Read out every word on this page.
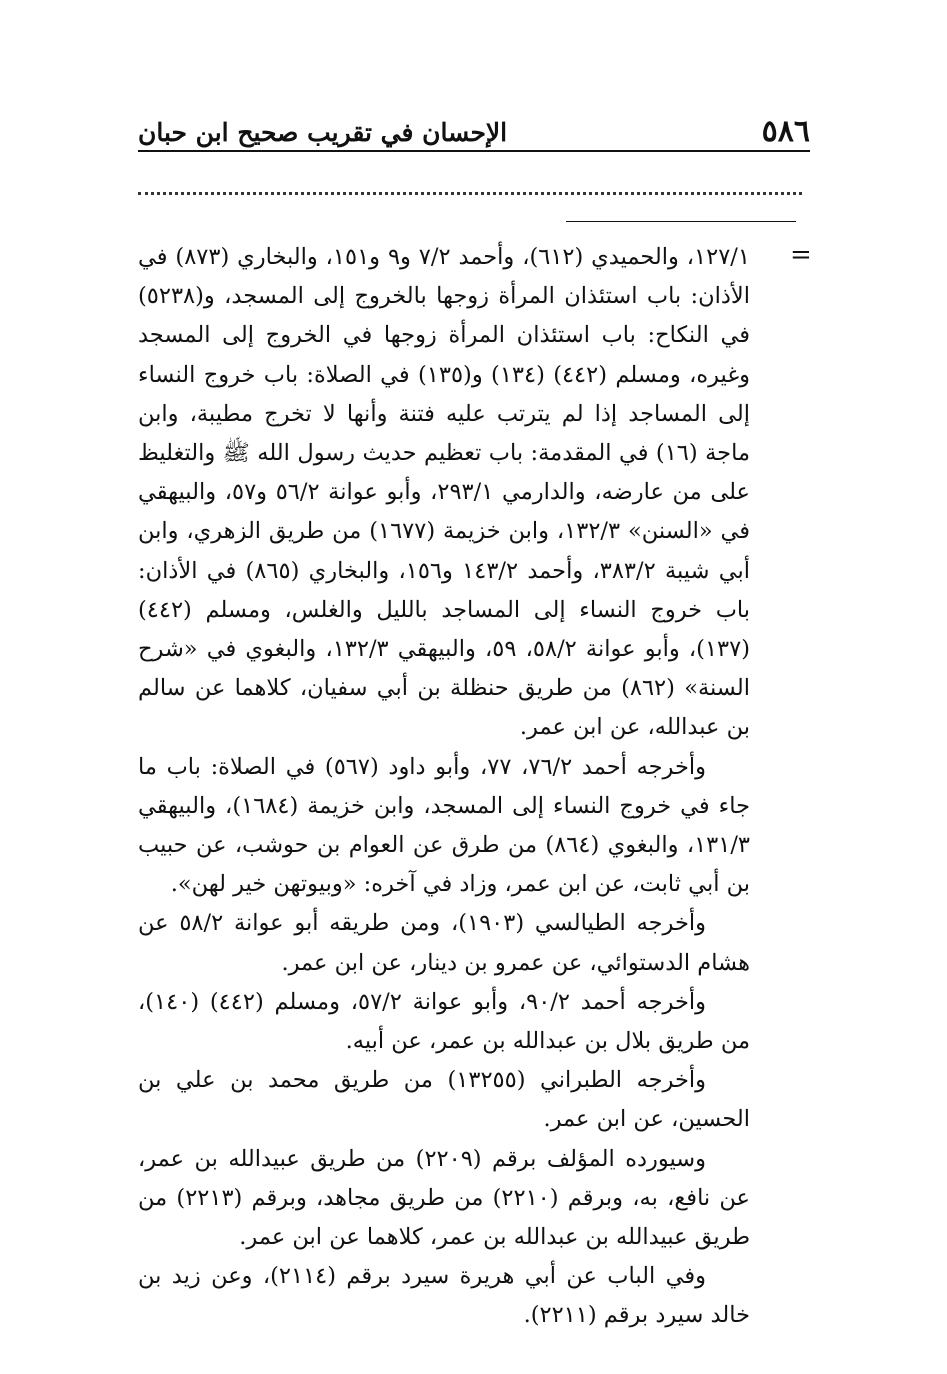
٥٨٦
الإحسان في تقريب صحيح ابن حبان
=

١٢٧/١، والحميدي (٦١٢)، وأحمد ٧/٢ و٩ و١٥١، والبخاري (٨٧٣) في الأذان: باب استئذان المرأة زوجها بالخروج إلى المسجد، و(٥٢٣٨) في النكاح: باب استئذان المرأة زوجها في الخروج إلى المسجد وغيره، ومسلم (٤٤٢) (١٣٤) و(١٣٥) في الصلاة: باب خروج النساء إلى المساجد إذا لم يترتب عليه فتنة وأنها لا تخرج مطيبة، وابن ماجة (١٦) في المقدمة: باب تعظيم حديث رسول الله ﷺ والتغليظ على من عارضه، والدارمي ٢٩٣/١، وأبو عوانة ٥٦/٢ و٥٧، والبيهقي في «السنن» ١٣٢/٣، وابن خزيمة (١٦٧٧) من طريق الزهري، وابن أبي شيبة ٣٨٣/٢، وأحمد ١٤٣/٢ و١٥٦، والبخاري (٨٦٥) في الأذان: باب خروج النساء إلى المساجد بالليل والغلس، ومسلم (٤٤٢) (١٣٧)، وأبو عوانة ٥٨/٢، ٥٩، والبيهقي ١٣٢/٣، والبغوي في «شرح السنة» (٨٦٢) من طريق حنظلة بن أبي سفيان، كلاهما عن سالم بن عبدالله، عن ابن عمر.

وأخرجه أحمد ٧٦/٢، ٧٧، وأبو داود (٥٦٧) في الصلاة: باب ما جاء في خروج النساء إلى المسجد، وابن خزيمة (١٦٨٤)، والبيهقي ١٣١/٣، والبغوي (٨٦٤) من طرق عن العوام بن حوشب، عن حبيب بن أبي ثابت، عن ابن عمر، وزاد في آخره: «وبيوتهن خير لهن».

وأخرجه الطيالسي (١٩٠٣)، ومن طريقه أبو عوانة ٥٨/٢ عن هشام الدستوائي، عن عمرو بن دينار، عن ابن عمر.

وأخرجه أحمد ٩٠/٢، وأبو عوانة ٥٧/٢، ومسلم (٤٤٢) (١٤٠)، من طريق بلال بن عبدالله بن عمر، عن أبيه.

وأخرجه الطبراني (١٣٢٥٥) من طريق محمد بن علي بن الحسين، عن ابن عمر.

وسيورده المؤلف برقم (٢٢٠٩) من طريق عبيدالله بن عمر، عن نافع، به، وبرقم (٢٢١٠) من طريق مجاهد، وبرقم (٢٢١٣) من طريق عبيدالله بن عبدالله بن عمر، كلاهما عن ابن عمر.

وفي الباب عن أبي هريرة سيرد برقم (٢١١٤)، وعن زيد بن خالد سيرد برقم (٢٢١١).
